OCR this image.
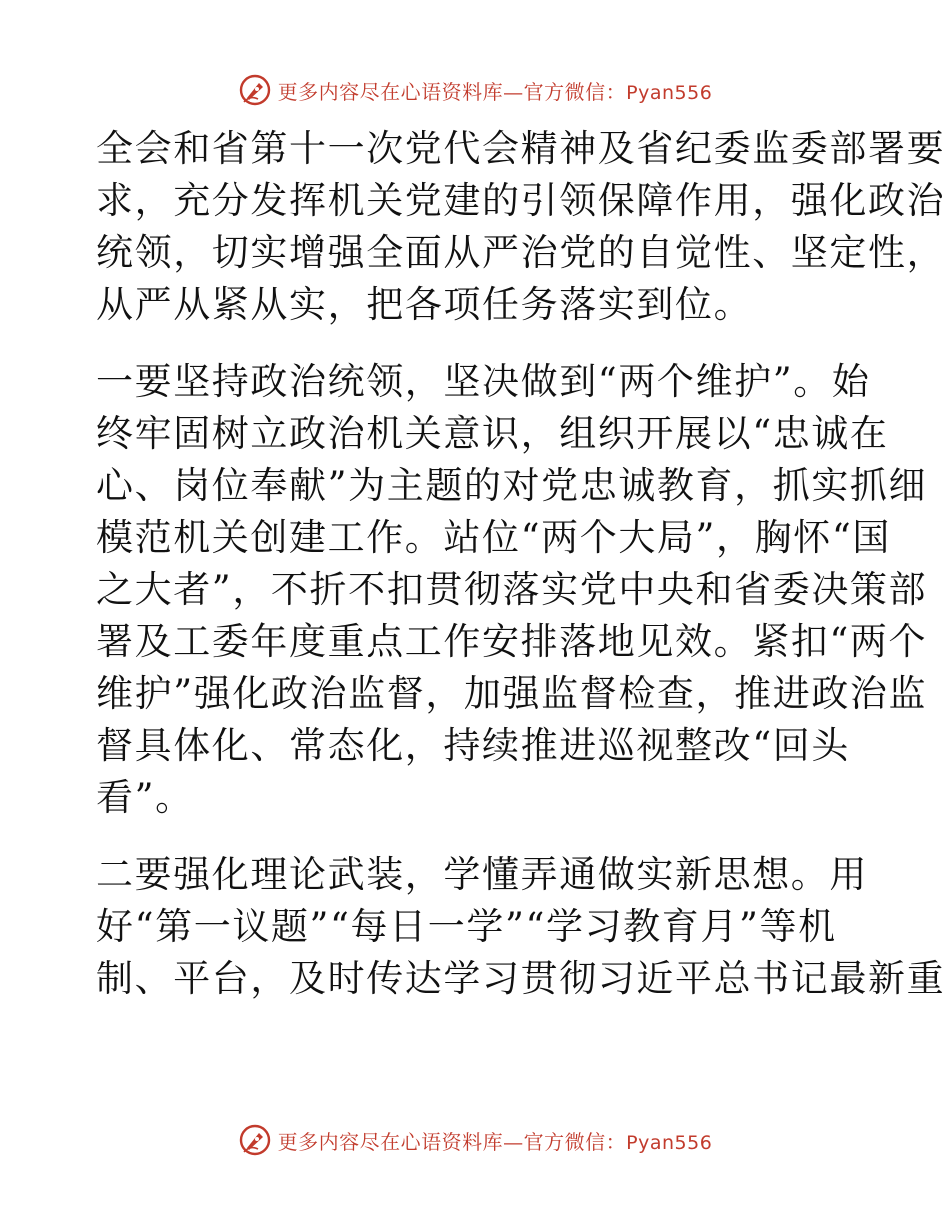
更多内容尽在心语资料库—官方微信：Pyan556
全会和省第十一次党代会精神及省纪委监委部署要
求，充分发挥机关党建的引领保障作用，强化政治
统领，切实增强全面从严治党的自觉性、坚定性，
从严从紧从实，把各项任务落实到位。
一要坚持政治统领，坚决做到“两个维护”。始
终牢固树立政治机关意识，组织开展以“忠诚在
心、岗位奉献”为主题的对党忠诚教育，抓实抓细
模范机关创建工作。站位“两个大局”，胸怀“国
之大者”，不折不扣贯彻落实党中央和省委决策部
署及工委年度重点工作安排落地见效。紧扣“两个
维护”强化政治监督，加强监督检查，推进政治监
督具体化、常态化，持续推进巡视整改“回头
看”。
二要强化理论武装，学懂弄通做实新思想。用
好“第一议题”“每日一学”“学习教育月”等机
制、平台，及时传达学习贯彻习近平总书记最新重
更多内容尽在心语资料库—官方微信：Pyan556
